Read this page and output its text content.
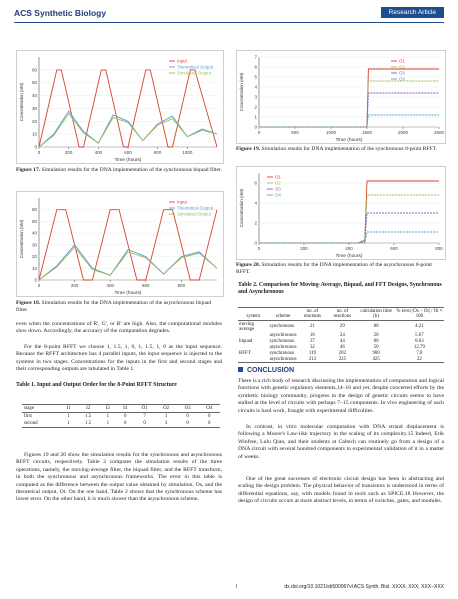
ACS Synthetic Biology	Research Article
0
10
20
30
40
50
60
0	200	400	600	800	1000
Time (hours)
Concentration (nM)
Input
Theoretical Output
Simulated Output
Figure 17. Simulation results for the DNA implementation of the synchronous biquad filter.
0
10
20
30
40
50
60
0	200	400	600	800
Time (hours)
Concentration (nM)
Input
Theoretical Output
Simulated Output
Figure 18. Simulation results for the DNA implementation of the asynchronous biquad filter.
0
1
2
3
4
5
6
7
0	500	1000	1500	2000	2500
Time (hours)
Concentration (nM)
O1
O2
O3
O4
Figure 19. Simulation results for DNA implementation of the synchronous 8-point RFFT.
0
2
4
6
0	200	400	600	800
Time (hours)
Concentration (nM)
O1
O2
O3
O4
Figure 20. Simulation results for the DNA implementation of the asynchronous 8-point RFFT.
even when the concentrations of R', G', or B' are high. Also, the computational modules slow down. Accordingly, the accuracy of the computation degrades.
For the 8-point RFFT we choose 1, 1.5, 1, 0, 1, 1.5, 1, 0 as the input sequence. Because the RFFT architecture has 4 parallel inputs, the input sequence is injected to the systems in two stages. Concentrations for the inputs in the first and second stages and their corresponding outputs are tabulated in Table 1.
Table 1. Input and Output Order for the 8-Point RFFT Structure
stage	I1	I2	I3	I4	O1	O2	O3	O4
first	1	1.5	1	0	7	1	0	0
second	1	1.5	1	0	0	3	0	0
Figures 19 and 20 show the simulation results for the synchronous and asynchronous RFFT circuits, respectively. Table 2 compares the simulation results of the three operations, namely, the moving-average filter, the biquad filter, and the RFFT transform, in both the synchronous and asynchronous frameworks. The error in this table is computed as the difference between the output value obtained by simulation, Os, and the theoretical output, Ot. On the one hand, Table 2 shows that the synchronous scheme has lower error. On the other hand, it is much slower than the asynchronous scheme.
Table 2. Comparison for Moving-Average, Biquad, and FFT Designs, Synchronous and Asynchronous
system	scheme	no. of reactants	no. of reactions	calculation time (h)	% error |Os − Ot| / Ot × 100
moving average	synchronous	21	29	80	4.21
	asynchronous	16	24	20	5.67
biquad	synchronous	37	44	80	8.63
	asynchronous	32	46	50	12.79
RFFT	synchronous	119	202	900	7.8
	asynchronous	213	225	425	22
CONCLUSION
There is a rich body of research discussing the implementation of computation and logical functions with genetic regulatory elements,14–16 and yet, despite concerted efforts by the synthetic biology community, progress in the design of genetic circuits seems to have stalled at the level of circuits with perhaps 7–15 components. In vivo engineering of such circuits is hard work, fraught with experimental difficulties.
In contrast, in vitro molecular computation with DNA strand displacement is following a Moore's Law-like trajectory in the scaling of its complexity.15 Indeed, Erik Winfree, Lulu Qian, and their students at Caltech can routinely go from a design of a DNA circuit with several hundred components to experimental validation of it in a matter of weeks.
One of the great successes of electronic circuit design has been in abstracting and scaling the design problem. The physical behavior of transistors is understood in terms of differential equations, say, with models found in tools such as SPICE.18 However, the design of circuits occurs at more abstract levels, in terms of switches, gates, and modules.
I	dx.doi.org/10.1021/sb500067vl ACS Synth. Biol. XXXX, XXX, XXX−XXX
